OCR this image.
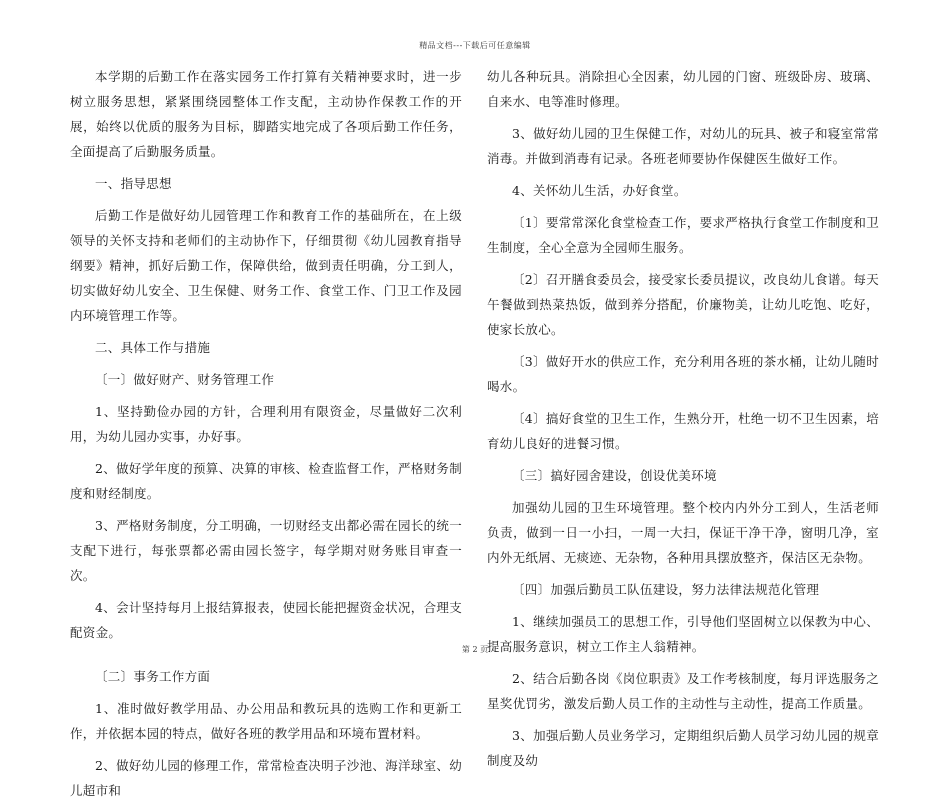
精品文档---下载后可任意编辑

本学期的后勤工作在落实园务工作打算有关精神要求时，进一步树立服务思想，紧紧围绕园整体工作支配，主动协作保教工作的开展，始终以优质的服务为目标，脚踏实地完成了各项后勤工作任务，全面提高了后勤服务质量。

一、指导思想

后勤工作是做好幼儿园管理工作和教育工作的基础所在，在上级领导的关怀支持和老师们的主动协作下，仔细贯彻《幼儿园教育指导纲要》精神，抓好后勤工作，保障供给，做到责任明确，分工到人，切实做好幼儿安全、卫生保健、财务工作、食堂工作、门卫工作及园内环境管理工作等。

二、具体工作与措施

〔一〕做好财产、财务管理工作

1、坚持勤俭办园的方针，合理利用有限资金，尽量做好二次利用，为幼儿园办实事，办好事。

2、做好学年度的预算、决算的审核、检查监督工作，严格财务制度和财经制度。

3、严格财务制度，分工明确，一切财经支出都必需在园长的统一支配下进行，每张票都必需由园长签字，每学期对财务账目审查一次。

4、会计坚持每月上报结算报表，使园长能把握资金状况，合理支配资金。

〔二〕事务工作方面

1、准时做好教学用品、办公用品和教玩具的选购工作和更新工作，并依据本园的特点，做好各班的教学用品和环境布置材料。

2、做好幼儿园的修理工作，常常检查决明子沙池、海洋球室、幼儿超市和

幼儿各种玩具。消除担心全因素，幼儿园的门窗、班级卧房、玻璃、自来水、电等准时修理。

3、做好幼儿园的卫生保健工作，对幼儿的玩具、被子和寝室常常消毒。并做到消毒有记录。各班老师要协作保健医生做好工作。

4、关怀幼儿生活，办好食堂。

〔1〕要常常深化食堂检查工作，要求严格执行食堂工作制度和卫生制度，全心全意为全园师生服务。

〔2〕召开膳食委员会，接受家长委员提议，改良幼儿食谱。每天午餐做到热菜热饭，做到养分搭配，价廉物美，让幼儿吃饱、吃好，使家长放心。

〔3〕做好开水的供应工作，充分利用各班的茶水桶，让幼儿随时喝水。

〔4〕搞好食堂的卫生工作，生熟分开，杜绝一切不卫生因素，培育幼儿良好的进餐习惯。

〔三〕搞好园舍建设，创设优美环境

加强幼儿园的卫生环境管理。整个校内内外分工到人，生活老师负责，做到一日一小扫，一周一大扫，保证干净干净，窗明几净，室内外无纸屑、无痰迹、无杂物，各种用具摆放整齐，保洁区无杂物。

〔四〕加强后勤员工队伍建设，努力法律法规范化管理

1、继续加强员工的思想工作，引导他们坚固树立以保教为中心、提高服务意识，树立工作主人翁精神。

2、结合后勤各岗《岗位职责》及工作考核制度，每月评选服务之星奖优罚劣，激发后勤人员工作的主动性与主动性，提高工作质量。

3、加强后勤人员业务学习，定期组织后勤人员学习幼儿园的规章制度及幼

第 2 页
